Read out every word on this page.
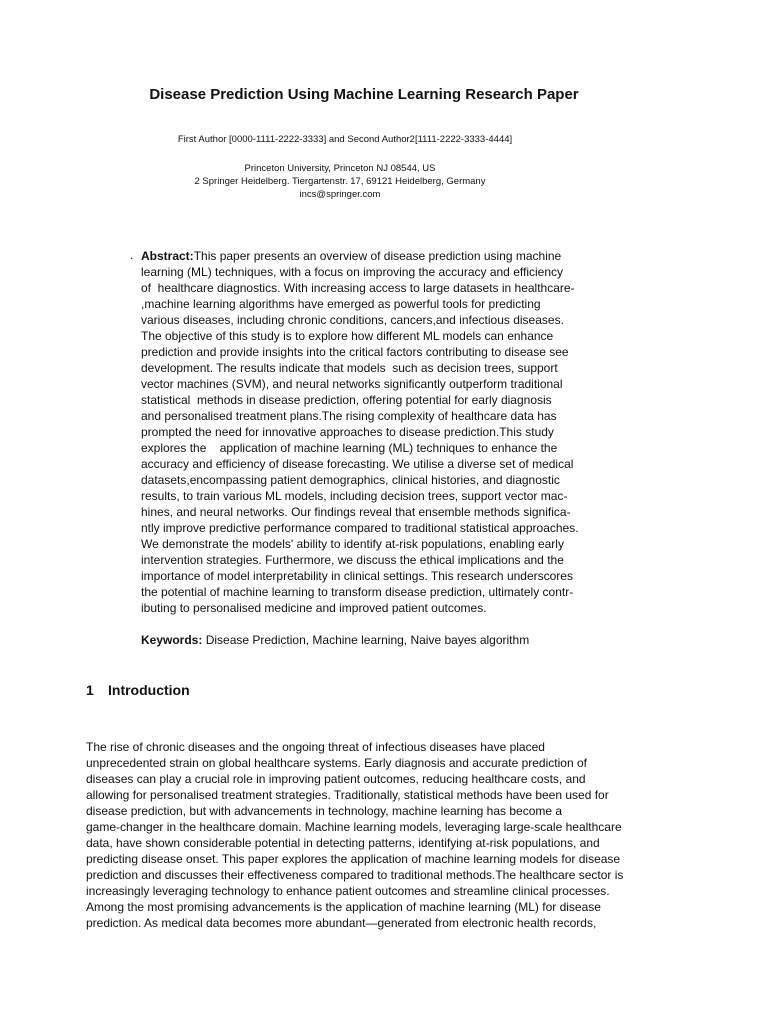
Disease Prediction Using Machine Learning Research Paper
First Author [0000-1111-2222-3333] and Second Author2[1111-2222-3333-4444]
Princeton University, Princeton NJ 08544, US
2 Springer Heidelberg. Tiergartenstr. 17, 69121 Heidelberg, Germany
incs@springer.com
. Abstract:This paper presents an overview of disease prediction using machine
learning (ML) techniques, with a focus on improving the accuracy and efficiency
of  healthcare diagnostics. With increasing access to large datasets in healthcare-
,machine learning algorithms have emerged as powerful tools for predicting
various diseases, including chronic conditions, cancers,and infectious diseases.
The objective of this study is to explore how different ML models can enhance
prediction and provide insights into the critical factors contributing to disease see
development. The results indicate that models  such as decision trees, support
vector machines (SVM), and neural networks significantly outperform traditional
statistical  methods in disease prediction, offering potential for early diagnosis
and personalised treatment plans.The rising complexity of healthcare data has
prompted the need for innovative approaches to disease prediction.This study
explores the    application of machine learning (ML) techniques to enhance the
accuracy and efficiency of disease forecasting. We utilise a diverse set of medical
datasets,encompassing patient demographics, clinical histories, and diagnostic
results, to train various ML models, including decision trees, support vector mac-
hines, and neural networks. Our findings reveal that ensemble methods significa-
ntly improve predictive performance compared to traditional statistical approaches.
We demonstrate the models' ability to identify at-risk populations, enabling early
intervention strategies. Furthermore, we discuss the ethical implications and the
importance of model interpretability in clinical settings. This research underscores
the potential of machine learning to transform disease prediction, ultimately contr-
ibuting to personalised medicine and improved patient outcomes.
Keywords: Disease Prediction, Machine learning, Naive bayes algorithm
1 Introduction
The rise of chronic diseases and the ongoing threat of infectious diseases have placed
unprecedented strain on global healthcare systems. Early diagnosis and accurate prediction of
diseases can play a crucial role in improving patient outcomes, reducing healthcare costs, and
allowing for personalised treatment strategies. Traditionally, statistical methods have been used for
disease prediction, but with advancements in technology, machine learning has become a
game-changer in the healthcare domain. Machine learning models, leveraging large-scale healthcare
data, have shown considerable potential in detecting patterns, identifying at-risk populations, and
predicting disease onset. This paper explores the application of machine learning models for disease
prediction and discusses their effectiveness compared to traditional methods.The healthcare sector is
increasingly leveraging technology to enhance patient outcomes and streamline clinical processes.
Among the most promising advancements is the application of machine learning (ML) for disease
prediction. As medical data becomes more abundant—generated from electronic health records,
